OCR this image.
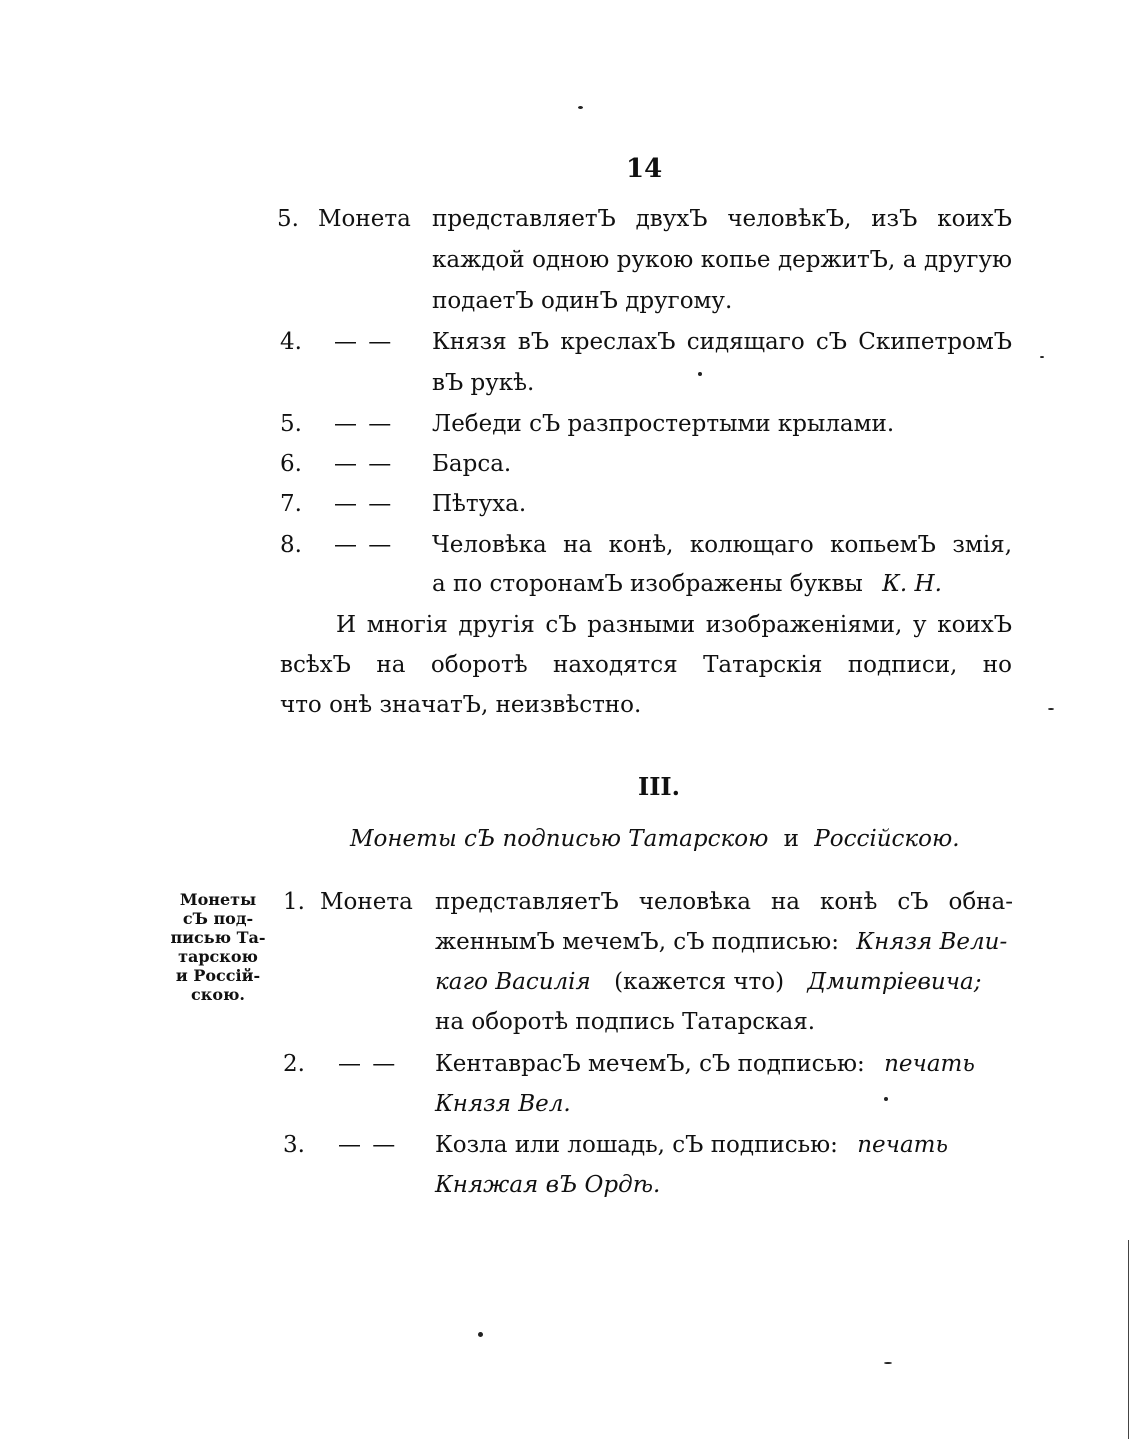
14
5. Монета представляетЪ двухЪ человѣкЪ, изЪ коихЪ
каждой одною рукою копье держитЪ, а другую
подаетЪ одинЪ другому.
4. — — Князя вЪ креслахЪ сидящаго сЪ СкипетромЪ
вЪ рукѣ.
5. — — Лебеди сЪ разпростертыми крылами.
6. — — Барса.
7. — — Пѣтуха.
8. — — Человѣка на конѣ, колющаго копьемЪ змія,
а по сторонамЪ изображены буквы К. Н.
И многія другія сЪ разными изображеніями, у коихЪ
всѣхЪ на оборотѣ находятся Татарскія подписи, но
что онѣ значатЪ, неизвѣстно.
III.
Монеты сЪ подписью Татарскою и Россійскою.
Монеты
сЪ под-
писью Та-
тарскою
и Россій-
скою.
1. Монета представляетЪ человѣка на конѣ сЪ обна-
женнымЪ мечемЪ, сЪ подписью: Князя Вели-
каго Василія (кажется что) Дмитріевича;
на оборотѣ подпись Татарская.
2. — — КентавраcЪ мечемЪ, сЪ подписью: печать
Князя Вел.
3. — — Козла или лошадь, сЪ подписью: печать
Княжая вЪ Ордѣ.
